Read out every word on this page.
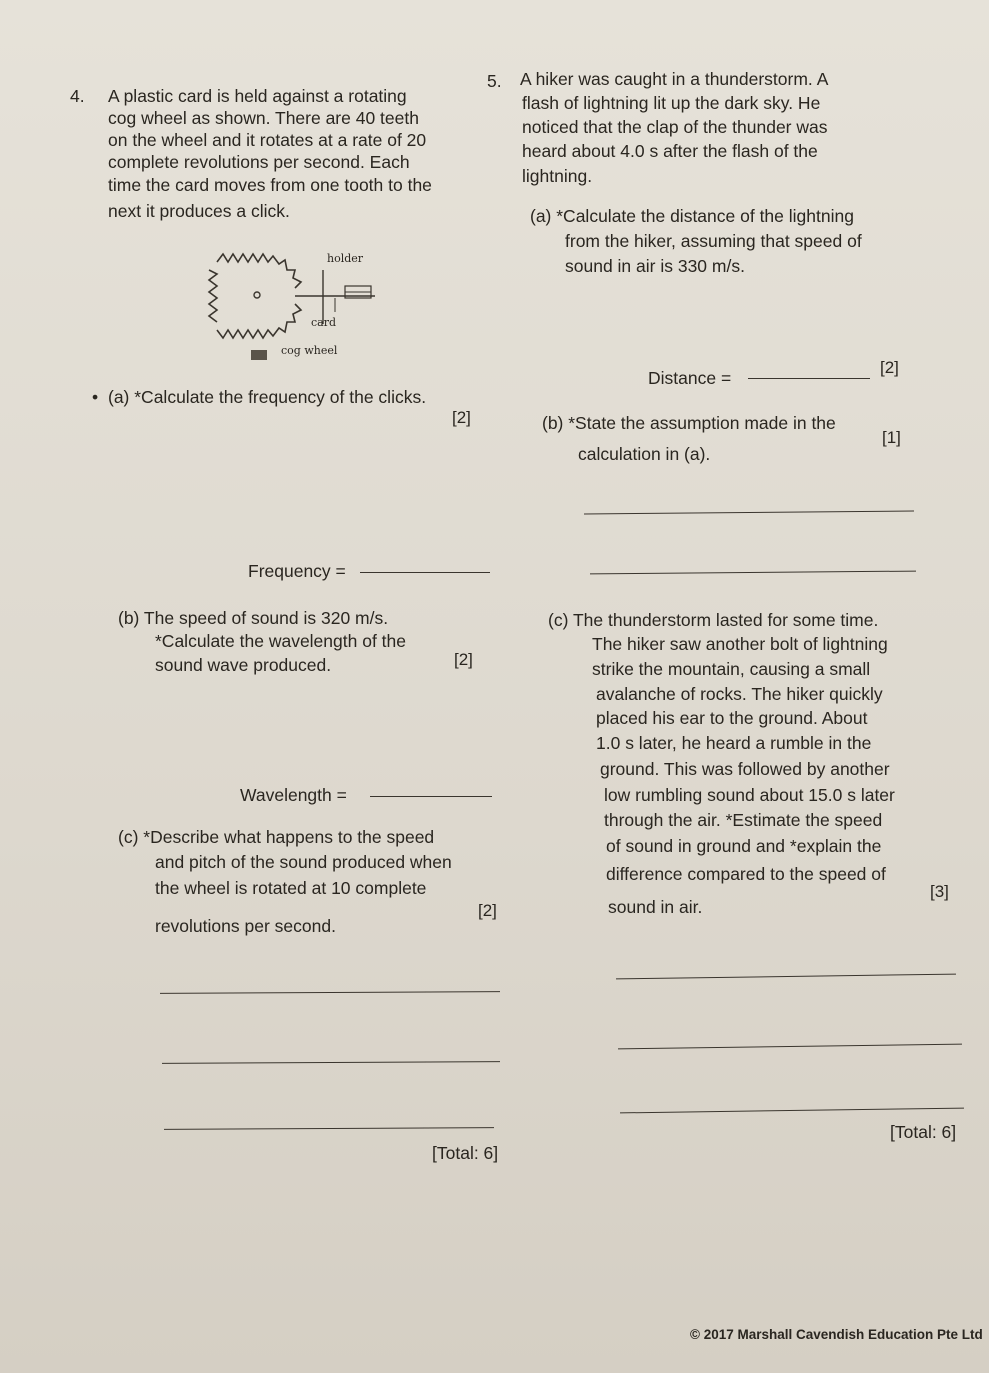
4. A plastic card is held against a rotating
cog wheel as shown. There are 40 teeth
on the wheel and it rotates at a rate of 20
complete revolutions per second. Each
time the card moves from one tooth to the
next it produces a click.
holder
card
cog wheel
• (a) *Calculate the frequency of the clicks.
[2]
Frequency =
(b) The speed of sound is 320 m/s.
*Calculate the wavelength of the
sound wave produced.	[2]
Wavelength =
(c) *Describe what happens to the speed
and pitch of the sound produced when
the wheel is rotated at 10 complete
revolutions per second.
[2]
[Total: 6]
5. A hiker was caught in a thunderstorm. A
flash of lightning lit up the dark sky. He
noticed that the clap of the thunder was
heard about 4.0 s after the flash of the
lightning.
(a) *Calculate the distance of the lightning
from the hiker, assuming that speed of
sound in air is 330 m/s.
Distance =
[2]
(b) *State the assumption made in the
calculation in (a).
[1]
(c) The thunderstorm lasted for some time.
The hiker saw another bolt of lightning
strike the mountain, causing a small
avalanche of rocks. The hiker quickly
placed his ear to the ground. About
1.0 s later, he heard a rumble in the
ground. This was followed by another
low rumbling sound about 15.0 s later
through the air. *Estimate the speed
of sound in ground and *explain the
difference compared to the speed of
sound in air.
[3]
[Total: 6]
© 2017 Marshall Cavendish Education Pte Ltd
